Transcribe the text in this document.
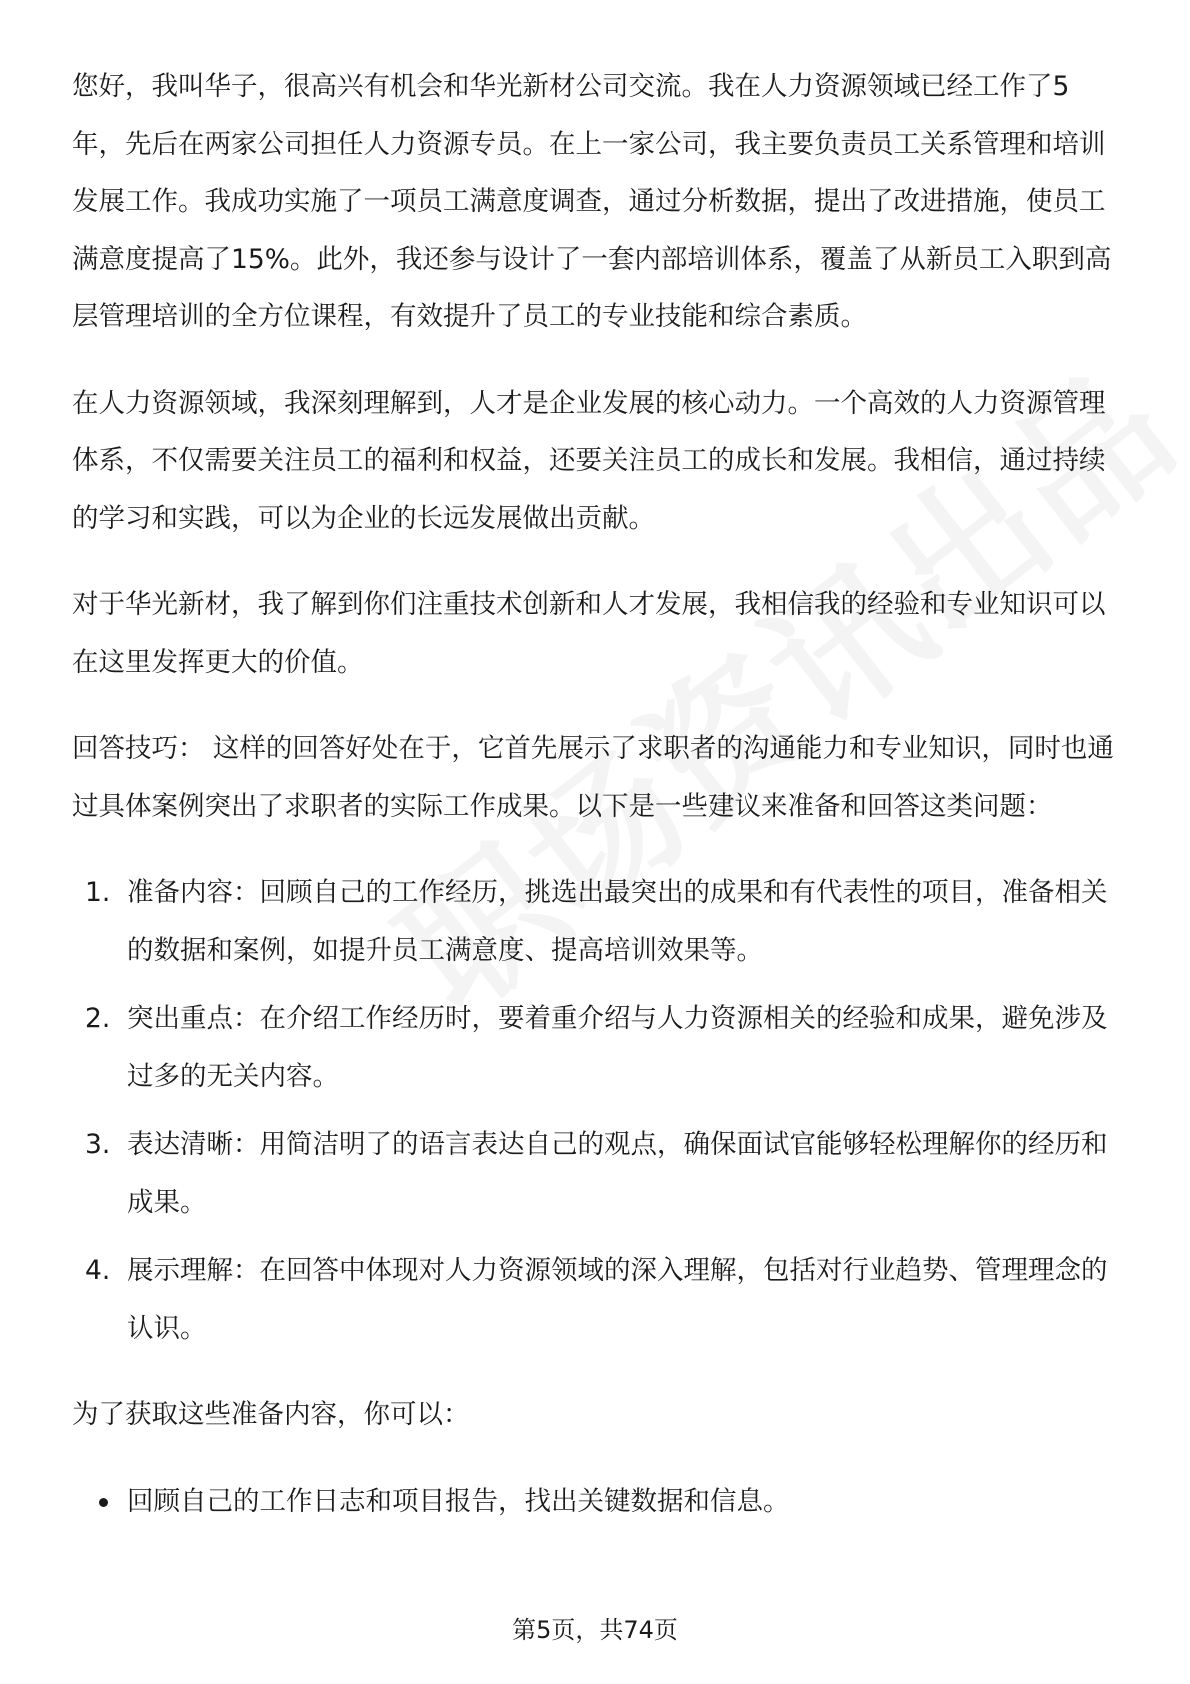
您好，我叫华子，很高兴有机会和华光新材公司交流。我在人力资源领域已经工作了5年，先后在两家公司担任人力资源专员。在上一家公司，我主要负责员工关系管理和培训发展工作。我成功实施了一项员工满意度调查，通过分析数据，提出了改进措施，使员工满意度提高了15%。此外，我还参与设计了一套内部培训体系，覆盖了从新员工入职到高层管理培训的全方位课程，有效提升了员工的专业技能和综合素质。

在人力资源领域，我深刻理解到，人才是企业发展的核心动力。一个高效的人力资源管理体系，不仅需要关注员工的福利和权益，还要关注员工的成长和发展。我相信，通过持续的学习和实践，可以为企业的长远发展做出贡献。

对于华光新材，我了解到你们注重技术创新和人才发展，我相信我的经验和专业知识可以在这里发挥更大的价值。

回答技巧： 这样的回答好处在于，它首先展示了求职者的沟通能力和专业知识，同时也通过具体案例突出了求职者的实际工作成果。以下是一些建议来准备和回答这类问题：

1. 准备内容：回顾自己的工作经历，挑选出最突出的成果和有代表性的项目，准备相关的数据和案例，如提升员工满意度、提高培训效果等。
2. 突出重点：在介绍工作经历时，要着重介绍与人力资源相关的经验和成果，避免涉及过多的无关内容。
3. 表达清晰：用简洁明了的语言表达自己的观点，确保面试官能够轻松理解你的经历和成果。
4. 展示理解：在回答中体现对人力资源领域的深入理解，包括对行业趋势、管理理念的认识。

为了获取这些准备内容，你可以：

回顾自己的工作日志和项目报告，找出关键数据和信息。
第5页，共74页
